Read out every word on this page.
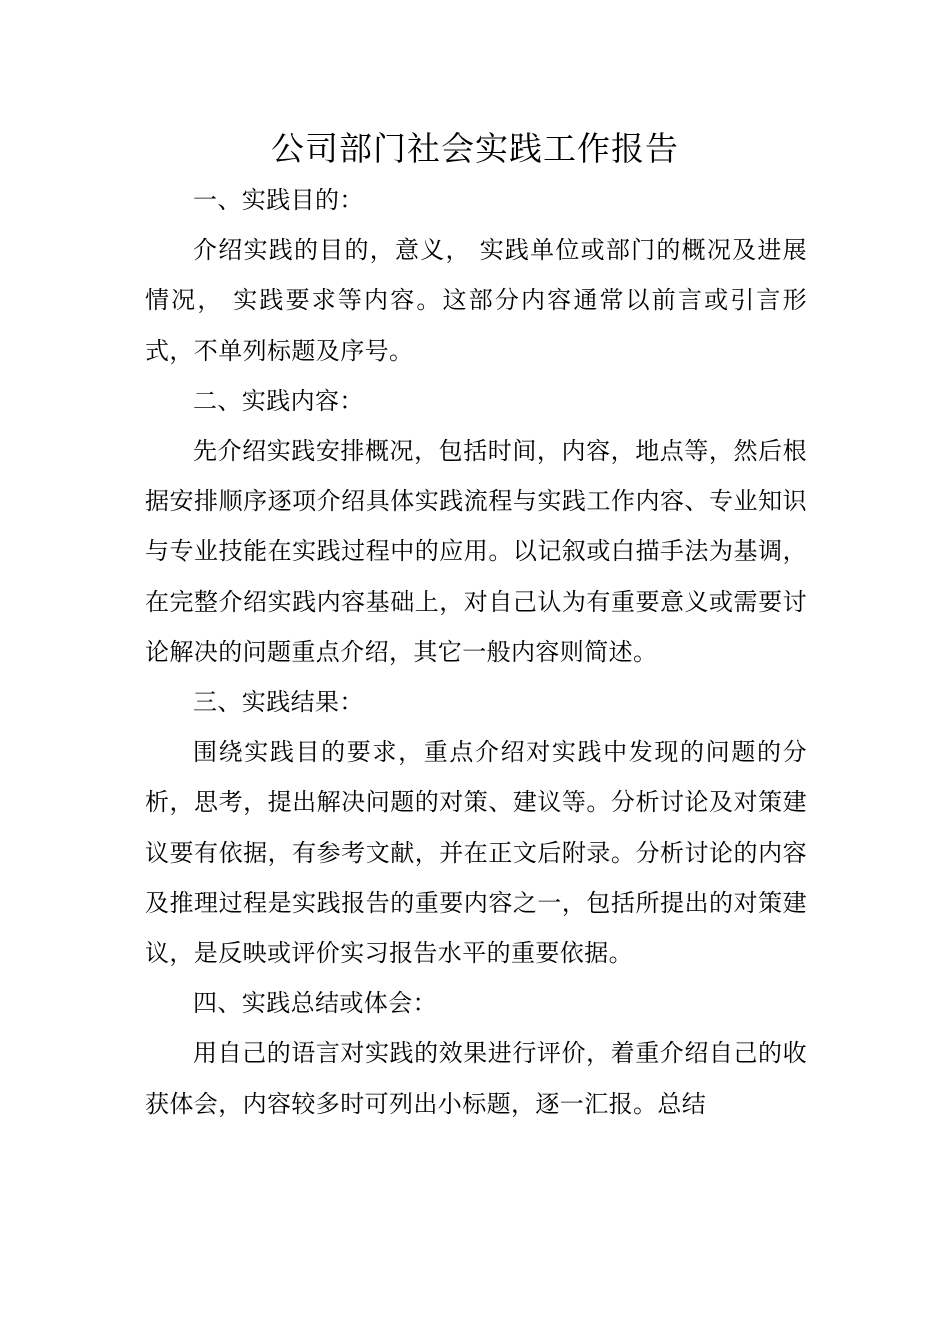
公司部门社会实践工作报告

一、实践目的：

介绍实践的目的，意义， 实践单位或部门的概况及进展情况， 实践要求等内容。这部分内容通常以前言或引言形式，不单列标题及序号。

二、实践内容：

先介绍实践安排概况，包括时间，内容，地点等，然后根据安排顺序逐项介绍具体实践流程与实践工作内容、专业知识与专业技能在实践过程中的应用。以记叙或白描手法为基调，在完整介绍实践内容基础上，对自己认为有重要意义或需要讨论解决的问题重点介绍，其它一般内容则简述。

三、实践结果：

围绕实践目的要求，重点介绍对实践中发现的问题的分析，思考，提出解决问题的对策、建议等。分析讨论及对策建议要有依据，有参考文献，并在正文后附录。分析讨论的内容及推理过程是实践报告的重要内容之一，包括所提出的对策建议，是反映或评价实习报告水平的重要依据。

四、实践总结或体会：

用自己的语言对实践的效果进行评价，着重介绍自己的收获体会，内容较多时可列出小标题，逐一汇报。总结
